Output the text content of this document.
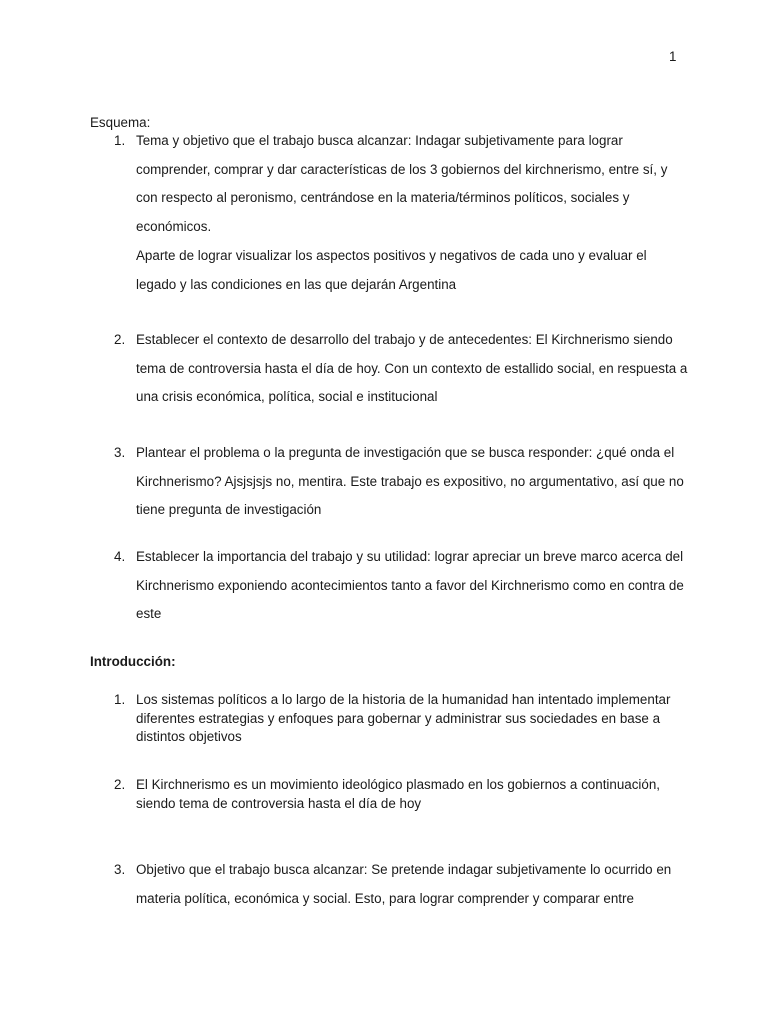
1
Esquema:
1. Tema y objetivo que el trabajo busca alcanzar: Indagar subjetivamente para lograr comprender, comprar y dar características de los 3 gobiernos del kirchnerismo, entre sí, y con respecto al peronismo, centrándose en la materia/términos políticos, sociales y económicos.

Aparte de lograr visualizar los aspectos positivos y negativos de cada uno y evaluar el legado y las condiciones en las que dejarán Argentina

2. Establecer el contexto de desarrollo del trabajo y de antecedentes: El Kirchnerismo siendo tema de controversia hasta el día de hoy. Con un contexto de estallido social, en respuesta a una crisis económica, política, social e institucional

3. Plantear el problema o la pregunta de investigación que se busca responder: ¿qué onda el Kirchnerismo? Ajsjsjsjs no, mentira. Este trabajo es expositivo, no argumentativo, así que no tiene pregunta de investigación

4. Establecer la importancia del trabajo y su utilidad: lograr apreciar un breve marco acerca del Kirchnerismo exponiendo acontecimientos tanto a favor del Kirchnerismo como en contra de este

Introducción:
1. Los sistemas políticos a lo largo de la historia de la humanidad han intentado implementar diferentes estrategias y enfoques para gobernar y administrar sus sociedades en base a distintos objetivos

2. El Kirchnerismo es un movimiento ideológico plasmado en los gobiernos a continuación, siendo tema de controversia hasta el día de hoy

3. Objetivo que el trabajo busca alcanzar: Se pretende indagar subjetivamente lo ocurrido en materia política, económica y social. Esto, para lograr comprender y comparar entre
